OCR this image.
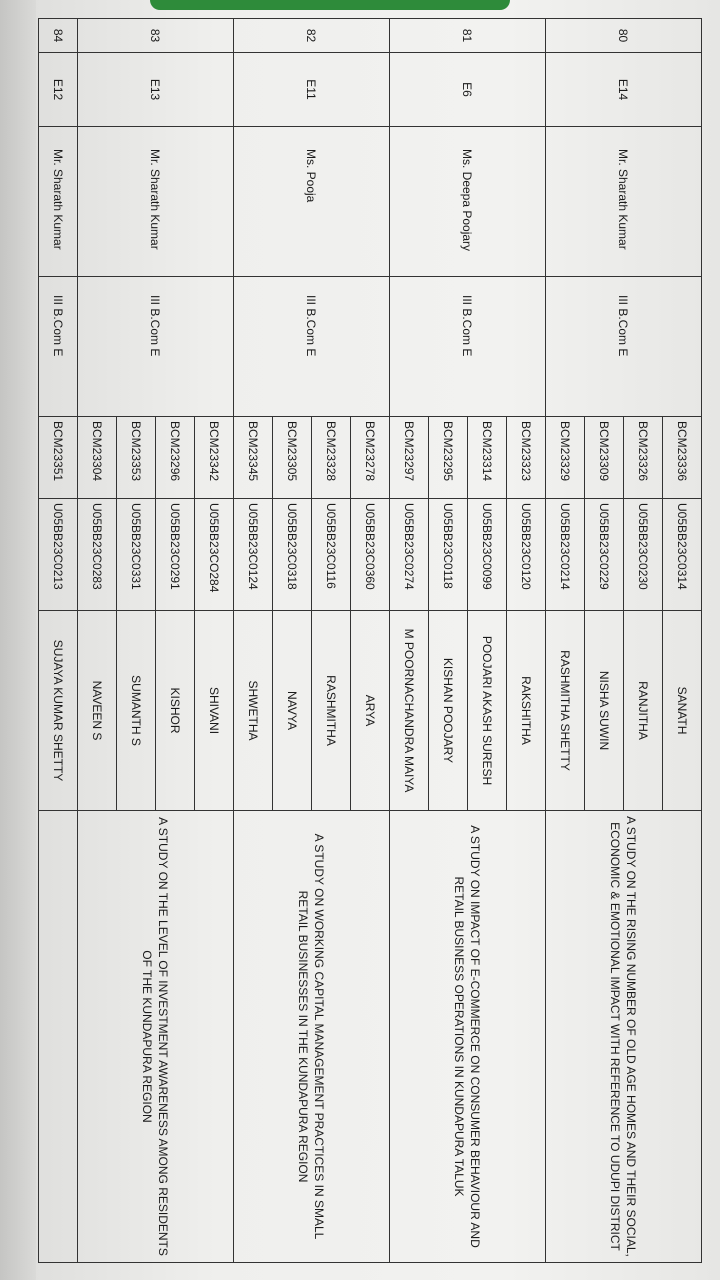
80	E14	Mr. Sharath Kumar	III B.Com E	BCM23336	U05BB23C0314	SANATH	A STUDY ON THE RISING NUMBER OF OLD AGE HOMES AND THEIR SOCIAL,
ECONOMIC & EMOTIONAL IMPACT WITH REFERENCE TO UDUPI DISTRICT

				BCM23326	U05BB23C0230	RANJITHA	
				BCM23309	U05BB23C0229	NISHA SUWIN	
				BCM23329	U05BB23C0214	RASHMITHA SHETTY	
81	E6	Ms. Deepa Poojary	III B.Com E	BCM23323	U05BB23C0120	RAKSHITHA	A STUDY ON IMPACT OF E-COMMERCE ON CONSUMER BEHAVIOUR AND
RETAIL BUSINESS OPERATIONS IN KUNDAPURA TALUK

				BCM23314	U05BB23C0099	POOJARI AKASH SURESH	
				BCM23295	U05BB23C0118	KISHAN POOJARY	
				BCM23297	U05BB23C0274	M POORNACHANDRA MAIYA	
82	E11	Ms. Pooja	III B.Com E	BCM23278	U05BB23C0360	ARYA	A STUDY ON WORKING CAPITAL MANAGEMENT PRACTICES IN SMALL
RETAIL BUSINESSES IN THE KUNDAPURA REGION

				BCM23328	U05BB23C0116	RASHMITHA	
				BCM23305	U05BB23C0318	NAVYA	
				BCM23345	U05BB23C0124	SHWETHA	
83	E13	Mr. Sharath Kumar	III B.Com E	BCM23342	U05BB23CO284	SHIVANI	A STUDY ON THE LEVEL OF INVESTMENT AWARENESS AMONG RESIDENTS
OF THE KUNDAPURA REGION

				BCM23296	U05BB23C0291	KISHOR	
				BCM23353	U05BB23C0331	SUMANTH S	
				BCM23304	U05BB23C0283	NAVEEN S	
84	E12	Mr. Sharath Kumar	III B.Com E	BCM23351	U05BB23C0213	SUJAYA KUMAR SHETTY	
